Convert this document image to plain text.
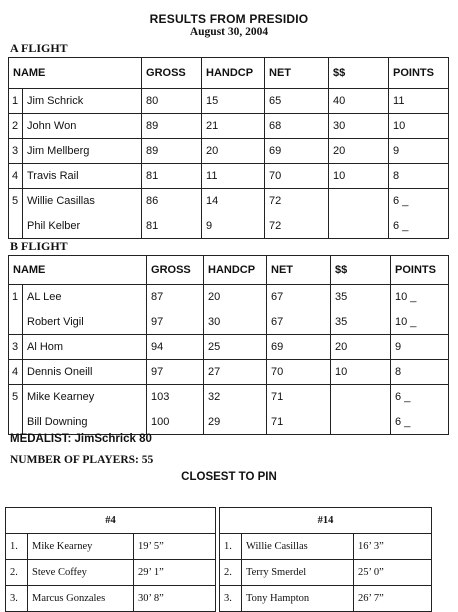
RESULTS FROM PRESIDIO
August 30, 2004
A FLIGHT
NAME		GROSS	HANDCP	NET	$$	POINTS
1	Jim Schrick	80	15	65	40	11
2	John Won	89	21	68	30	10
3	Jim Mellberg	89	20	69	20	9
4	Travis Rail	81	11	70	10	8
5	Willie Casillas	86	14	72		6 _
	Phil Kelber	81	9	72		6 _
B FLIGHT
NAME		GROSS	HANDCP	NET	$$	POINTS
1	AL Lee	87	20	67	35	10 _
	Robert Vigil	97	30	67	35	10 _
3	Al Hom	94	25	69	20	9
4	Dennis Oneill	97	27	70	10	8
5	Mike Kearney	103	32	71		6 _
	Bill Downing	100	29	71		6 _
MEDALIST: JimSchrick 80
NUMBER OF PLAYERS: 55
CLOSEST TO PIN
#4		
1.	Mike Kearney	19’ 5”
2.	Steve Coffey	29’ 1”
3.	Marcus Gonzales	30’ 8”
#14		
1.	Willie Casillas	16’ 3”
2.	Terry Smerdel	25’ 0”
3.	Tony Hampton	26’ 7”
